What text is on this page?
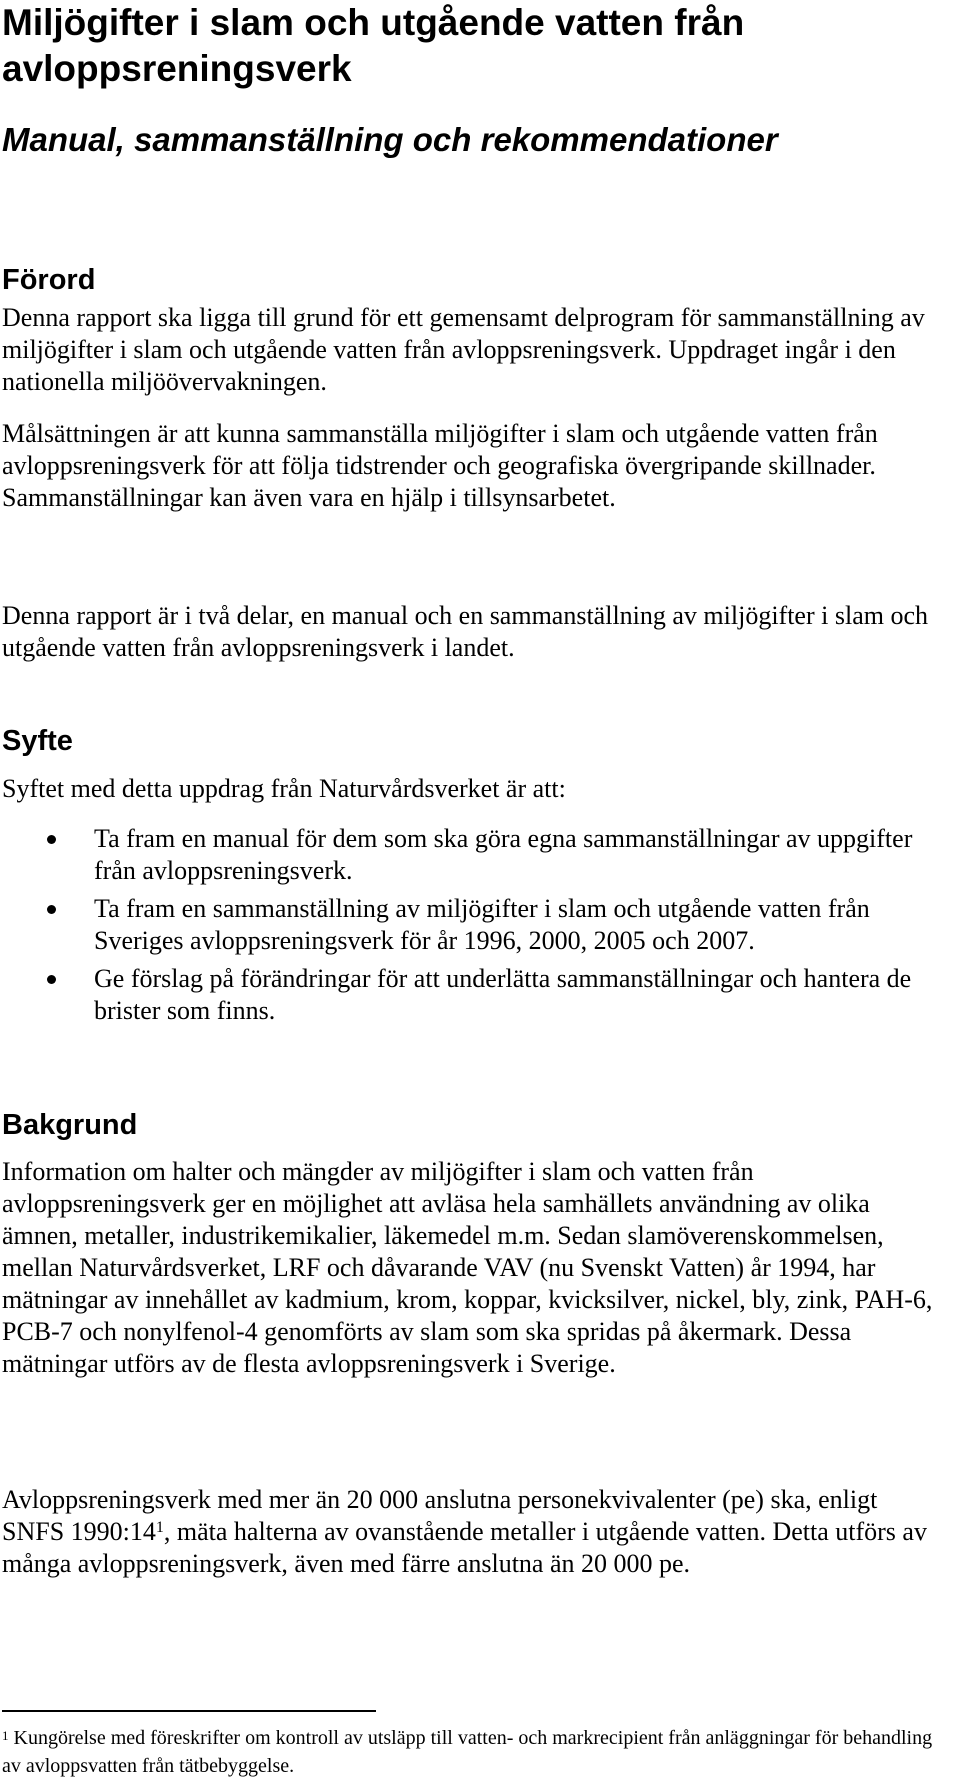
Miljögifter i slam och utgående vatten från avloppsreningsverk
Manual, sammanställning och rekommendationer
Förord

Denna rapport ska ligga till grund för ett gemensamt delprogram för sammanställning av miljögifter i slam och utgående vatten från avloppsreningsverk. Uppdraget ingår i den nationella miljöövervakningen.

Målsättningen är att kunna sammanställa miljögifter i slam och utgående vatten från avloppsreningsverk för att följa tidstrender och geografiska övergripande skillnader. Sammanställningar kan även vara en hjälp i tillsynsarbetet.

Denna rapport är i två delar, en manual och en sammanställning av miljögifter i slam och utgående vatten från avloppsreningsverk i landet.

Syfte

Syftet med detta uppdrag från Naturvårdsverket är att:

Ta fram en manual för dem som ska göra egna sammanställningar av uppgifter från avloppsreningsverk.
Ta fram en sammanställning av miljögifter i slam och utgående vatten från Sveriges avloppsreningsverk för år 1996, 2000, 2005 och 2007.
Ge förslag på förändringar för att underlätta sammanställningar och hantera de brister som finns.
Bakgrund

Information om halter och mängder av miljögifter i slam och vatten från avloppsreningsverk ger en möjlighet att avläsa hela samhällets användning av olika ämnen, metaller, industrikemikalier, läkemedel m.m. Sedan slamöverenskommelsen, mellan Naturvårdsverket, LRF och dåvarande VAV (nu Svenskt Vatten) år 1994, har mätningar av innehållet av kadmium, krom, koppar, kvicksilver, nickel, bly, zink, PAH-6, PCB-7 och nonylfenol-4 genomförts av slam som ska spridas på åkermark. Dessa mätningar utförs av de flesta avloppsreningsverk i Sverige.

Avloppsreningsverk med mer än 20 000 anslutna personekvivalenter (pe) ska, enligt SNFS 1990:14$^1$, mäta halterna av ovanstående metaller i utgående vatten. Detta utförs av många avloppsreningsverk, även med färre anslutna än 20 000 pe.

$^1$ Kungörelse med föreskrifter om kontroll av utsläpp till vatten- och markrecipient från anläggningar för behandling av avloppsvatten från tätbebyggelse.
